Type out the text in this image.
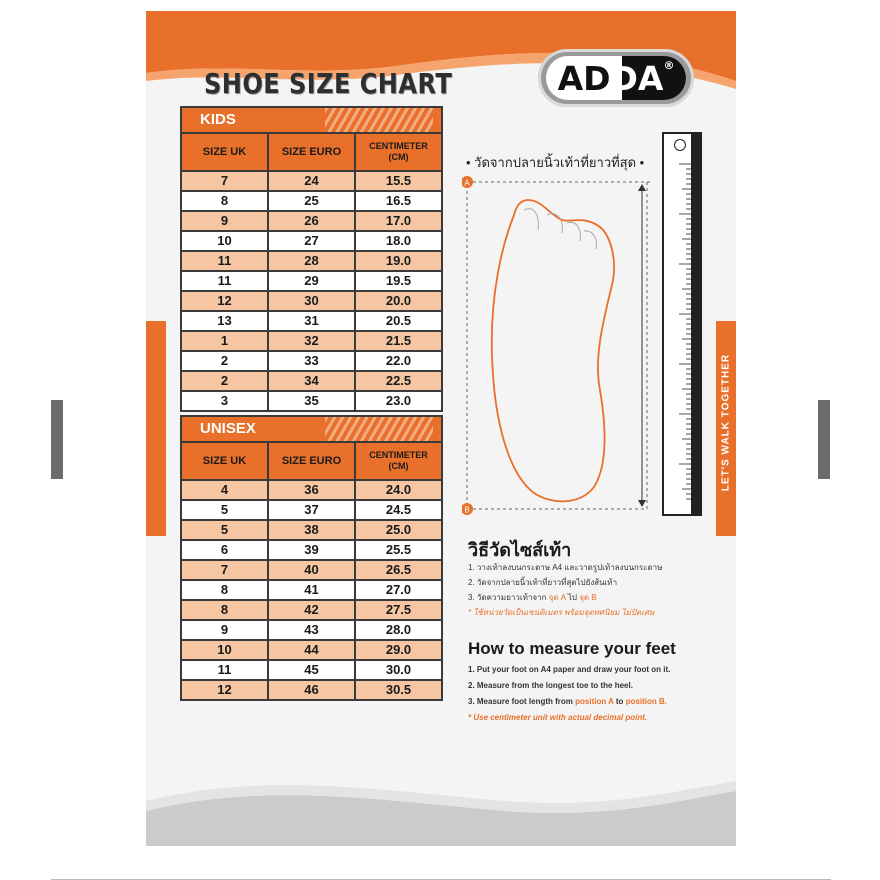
SHOE SIZE CHART	ADDA®
KIDS
SIZE UK	SIZE EURO	CENTIMETER
(CM)
7	24	15.5
8	25	16.5
9	26	17.0
10	27	18.0
11	28	19.0
11	29	19.5
12	30	20.0
13	31	20.5
1	32	21.5
2	33	22.0
2	34	22.5
3	35	23.0
UNISEX
SIZE UK	SIZE EURO	CENTIMETER
(CM)
4	36	24.0
5	37	24.5
5	38	25.0
6	39	25.5
7	40	26.5
8	41	27.0
8	42	27.5
9	43	28.0
10	44	29.0
11	45	30.0
12	46	30.5
• วัดจากปลายนิ้วเท้าที่ยาวที่สุด •
A
B
LET'S WALK TOGETHER
วิธีวัดไซส์เท้า
1. วางเท้าลงบนกระดาษ A4 และวาดรูปเท้าลงบนกระดาษ
2. วัดจากปลายนิ้วเท้าที่ยาวที่สุดไปยังส้นเท้า
3. วัดความยาวเท้าจาก จุด A ไป จุด B
* ใช้หน่วยวัดเป็นเซนติเมตร พร้อมจุดทศนิยม ไม่ปัดเศษ
How to measure your feet
1. Put your foot on A4 paper and draw your foot on it.
2. Measure from the longest toe to the heel.
3. Measure foot length from position A to position B.
* Use centimeter unit with actual decimal point.
